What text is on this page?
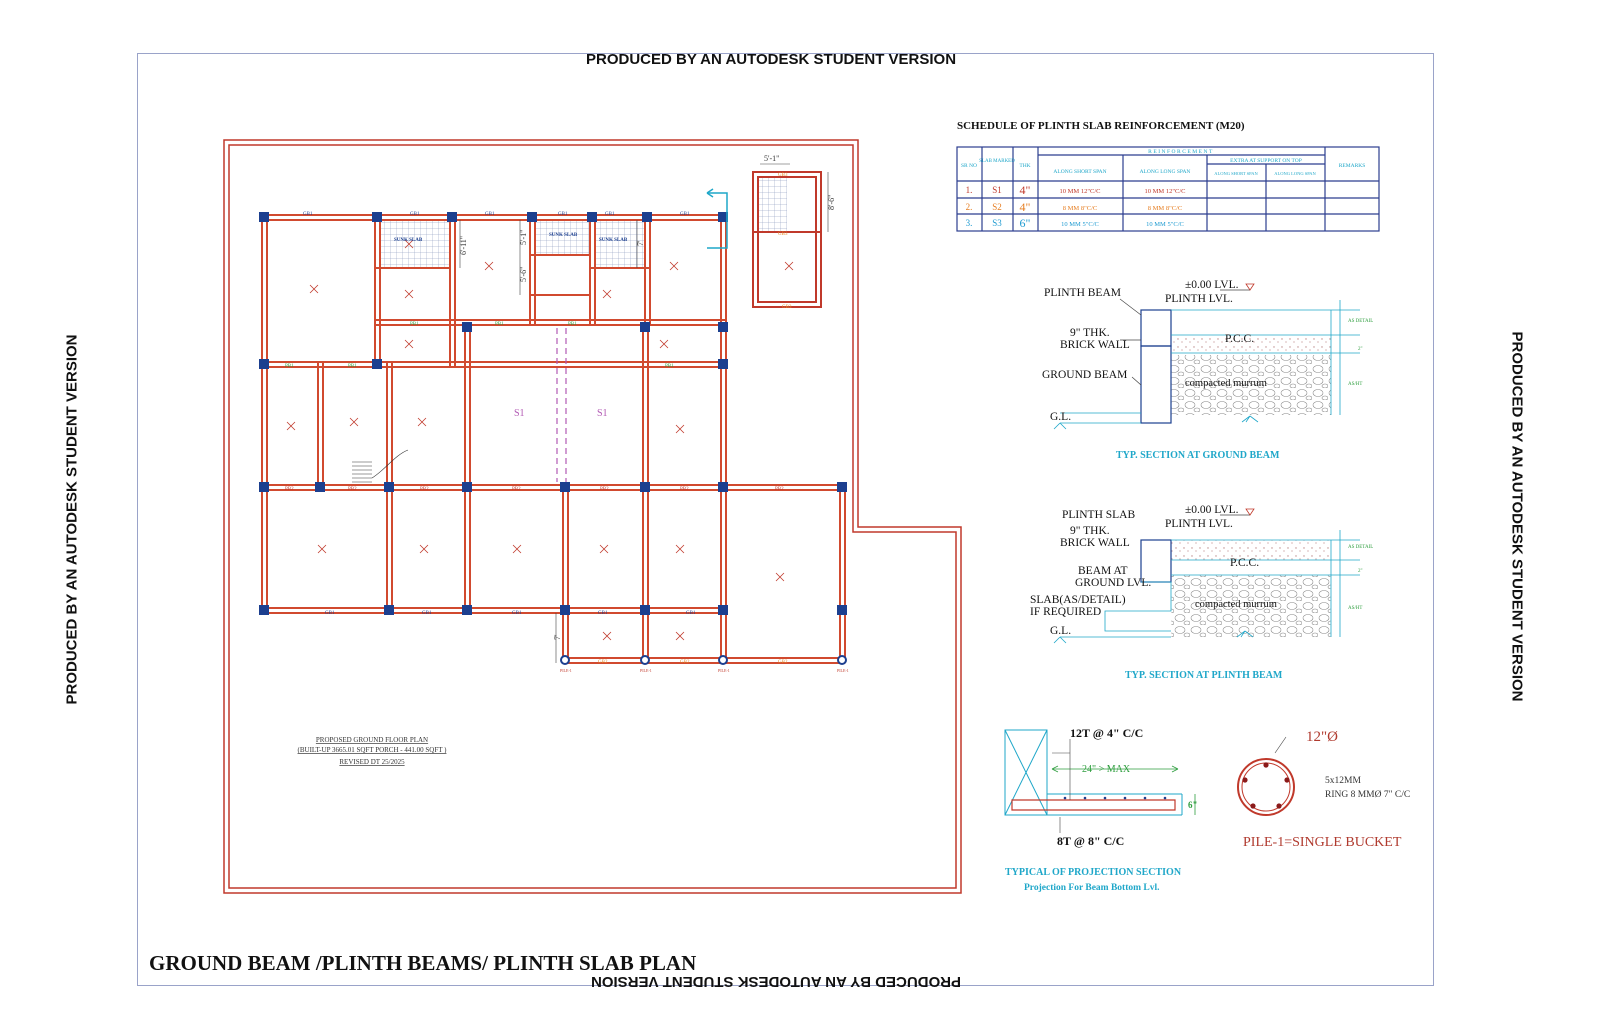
PRODUCED BY AN AUTODESK STUDENT VERSION
PRODUCED BY AN AUTODESK STUDENT VERSION
PRODUCED BY AN AUTODESK STUDENT VERSION	PRODUCED BY AN AUTODESK STUDENT VERSION
GROUND BEAM /PLINTH BEAMS/ PLINTH SLAB PLAN
GB1	GB1	GB1	GB1	GB1	GB1
GB1	GB1	GB1	GB1	GB1
PB1	PB1	PB1
PB1	PB1	PB1
PB2	PB2	PB2	PB2	PB2	PB2	PB2
GB2	GB2	GB2
GB3
GB3
GB3
SUNK SLAB
SUNK SLAB
SUNK SLAB
5'-1"
8'-6"
6'-11"	5'-1"
5'-6"
7'
7'
S1	S1
PILE-1	PILE-1	PILE-1	PILE-1
PROPOSED GROUND FLOOR PLAN
(BUILT-UP 3665.01 SQFT PORCH - 441.00 SQFT )
REVISED DT 25/2025
SCHEDULE OF PLINTH SLAB REINFORCEMENT (M20)
SR NO
SLAB MARKED
THK
REINFORCEMENT
ALONG SHORT SPAN	ALONG LONG SPAN
EXTRA AT SUPPORT ON TOP
ALONG SHORT SPAN	ALONG LONG SPAN
REMARKS
1. S1 4"	10 MM 12"C/C	10 MM 12"C/C
2. S2 4"	8 MM 8"C/C	8 MM 8"C/C
3. S3 6"	10 MM 5"C/C	10 MM 5"C/C
PLINTH BEAM
±0.00 LVL.
PLINTH LVL.
9" THK.
BRICK WALL	P.C.C.
GROUND BEAM
compacted murrum
G.L.
AS DETAIL
2"
AS/HT
TYP. SECTION AT GROUND BEAM
PLINTH SLAB	±0.00 LVL.
PLINTH LVL.
9" THK.
BRICK WALL
P.C.C.
BEAM AT
GROUND LVL.
SLAB(AS/DETAIL)
IF REQUIRED
compacted murrum
G.L.
AS DETAIL
2"
AS/HT
TYP. SECTION AT PLINTH BEAM
12T @ 4" C/C
24" > MAX
6"
8T @ 8" C/C
TYPICAL OF PROJECTION SECTION
Projection For Beam Bottom Lvl.
12"Ø
5x12MM
RING 8 MMØ 7" C/C
PILE-1=SINGLE BUCKET
